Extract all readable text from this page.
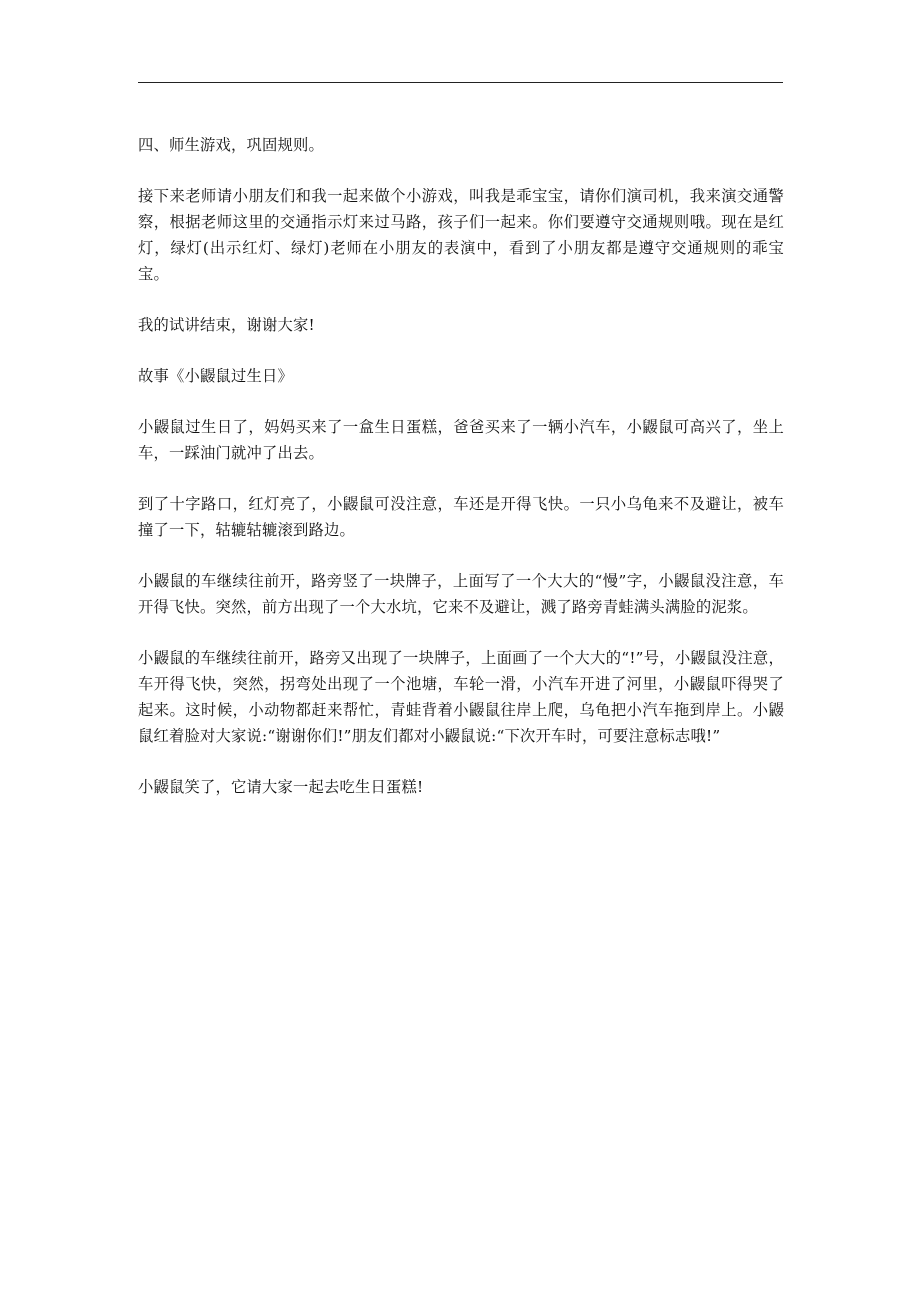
四、师生游戏，巩固规则。

接下来老师请小朋友们和我一起来做个小游戏，叫我是乖宝宝，请你们演司机，我来演交通警察，根据老师这里的交通指示灯来过马路，孩子们一起来。你们要遵守交通规则哦。现在是红灯，绿灯(出示红灯、绿灯)老师在小朋友的表演中，看到了小朋友都是遵守交通规则的乖宝宝。

我的试讲结束，谢谢大家!

故事《小鼹鼠过生日》

小鼹鼠过生日了，妈妈买来了一盒生日蛋糕，爸爸买来了一辆小汽车，小鼹鼠可高兴了，坐上车，一踩油门就冲了出去。

到了十字路口，红灯亮了，小鼹鼠可没注意，车还是开得飞快。一只小乌龟来不及避让，被车撞了一下，轱辘轱辘滚到路边。

小鼹鼠的车继续往前开，路旁竖了一块牌子，上面写了一个大大的“慢”字，小鼹鼠没注意，车开得飞快。突然，前方出现了一个大水坑，它来不及避让，溅了路旁青蛙满头满脸的泥浆。

小鼹鼠的车继续往前开，路旁又出现了一块牌子，上面画了一个大大的“!”号，小鼹鼠没注意，车开得飞快，突然，拐弯处出现了一个池塘，车轮一滑，小汽车开进了河里，小鼹鼠吓得哭了起来。这时候，小动物都赶来帮忙，青蛙背着小鼹鼠往岸上爬，乌龟把小汽车拖到岸上。小鼹鼠红着脸对大家说:“谢谢你们!”朋友们都对小鼹鼠说:“下次开车时，可要注意标志哦!”

小鼹鼠笑了，它请大家一起去吃生日蛋糕!
